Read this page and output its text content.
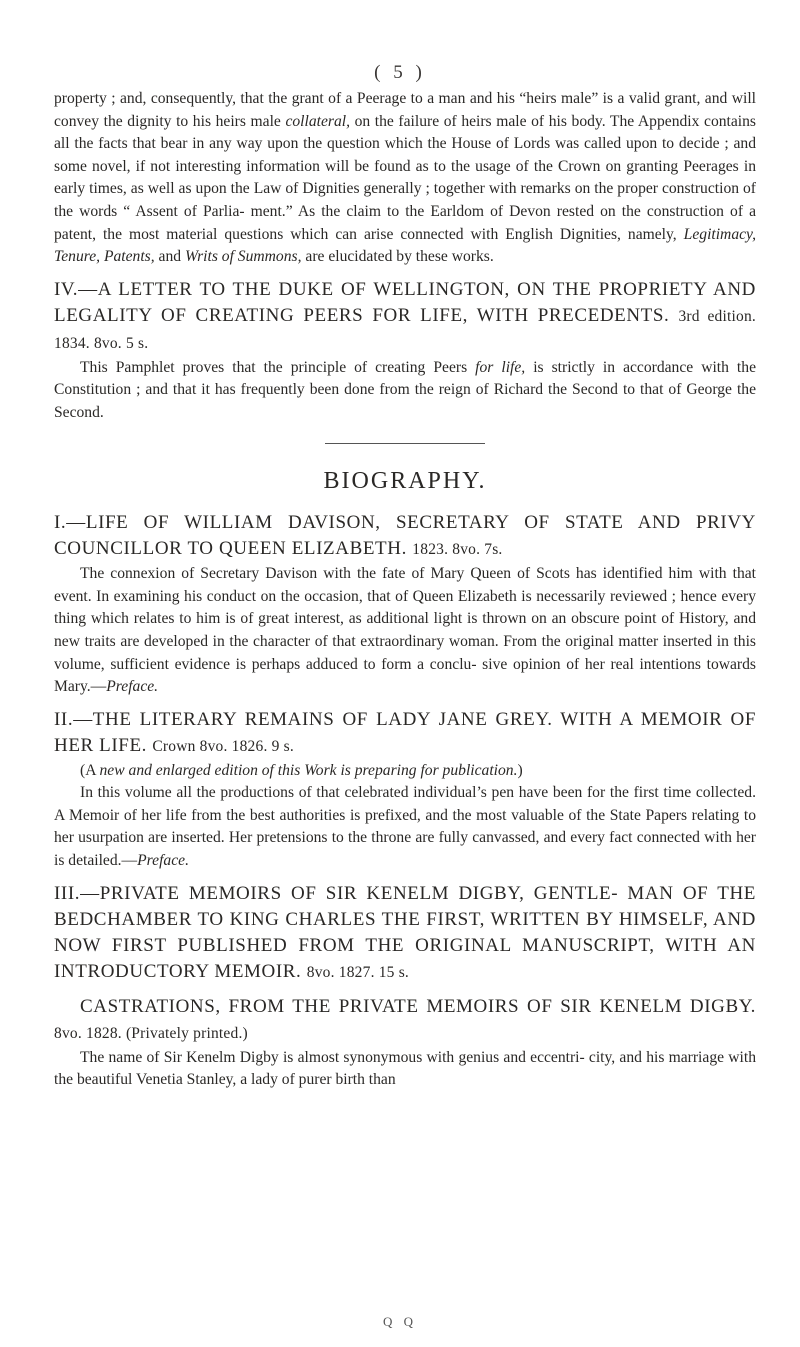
( 5 )

property ; and, consequently, that the grant of a Peerage to a man and his “heirs male” is a valid grant, and will convey the dignity to his heirs male collateral, on the failure of heirs male of his body. The Appendix contains all the facts that bear in any way upon the question which the House of Lords was called upon to decide ; and some novel, if not interesting information will be found as to the usage of the Crown on granting Peerages in early times, as well as upon the Law of Dignities generally ; together with remarks on the proper construction of the words “ Assent of Parlia- ment.” As the claim to the Earldom of Devon rested on the construction of a patent, the most material questions which can arise connected with English Dignities, namely, Legitimacy, Tenure, Patents, and Writs of Summons, are elucidated by these works.

IV.—A LETTER TO THE DUKE OF WELLINGTON, ON THE PROPRIETY AND LEGALITY OF CREATING PEERS FOR LIFE, WITH PRECEDENTS. 3rd edition. 1834. 8vo. 5 s.

This Pamphlet proves that the principle of creating Peers for life, is strictly in accordance with the Constitution ; and that it has frequently been done from the reign of Richard the Second to that of George the Second.

BIOGRAPHY.

I.—LIFE OF WILLIAM DAVISON, SECRETARY OF STATE AND PRIVY COUNCILLOR TO QUEEN ELIZABETH. 1823. 8vo. 7s.

The connexion of Secretary Davison with the fate of Mary Queen of Scots has identified him with that event. In examining his conduct on the occasion, that of Queen Elizabeth is necessarily reviewed ; hence every thing which relates to him is of great interest, as additional light is thrown on an obscure point of History, and new traits are developed in the character of that extraordinary woman. From the original matter inserted in this volume, sufficient evidence is perhaps adduced to form a conclu- sive opinion of her real intentions towards Mary.—Preface.

II.—THE LITERARY REMAINS OF LADY JANE GREY. WITH A MEMOIR OF HER LIFE. Crown 8vo. 1826. 9 s.

(A new and enlarged edition of this Work is preparing for publication.)

In this volume all the productions of that celebrated individual’s pen have been for the first time collected. A Memoir of her life from the best authorities is prefixed, and the most valuable of the State Papers relating to her usurpation are inserted. Her pretensions to the throne are fully canvassed, and every fact connected with her is detailed.—Preface.

III.—PRIVATE MEMOIRS OF SIR KENELM DIGBY, GENTLE- MAN OF THE BEDCHAMBER TO KING CHARLES THE FIRST, WRITTEN BY HIMSELF, AND NOW FIRST PUBLISHED FROM THE ORIGINAL MANUSCRIPT, WITH AN INTRODUCTORY MEMOIR. 8vo. 1827. 15 s.

CASTRATIONS, FROM THE PRIVATE MEMOIRS OF SIR KENELM DIGBY. 8vo. 1828. (Privately printed.)

The name of Sir Kenelm Digby is almost synonymous with genius and eccentri- city, and his marriage with the beautiful Venetia Stanley, a lady of purer birth than

Q Q
